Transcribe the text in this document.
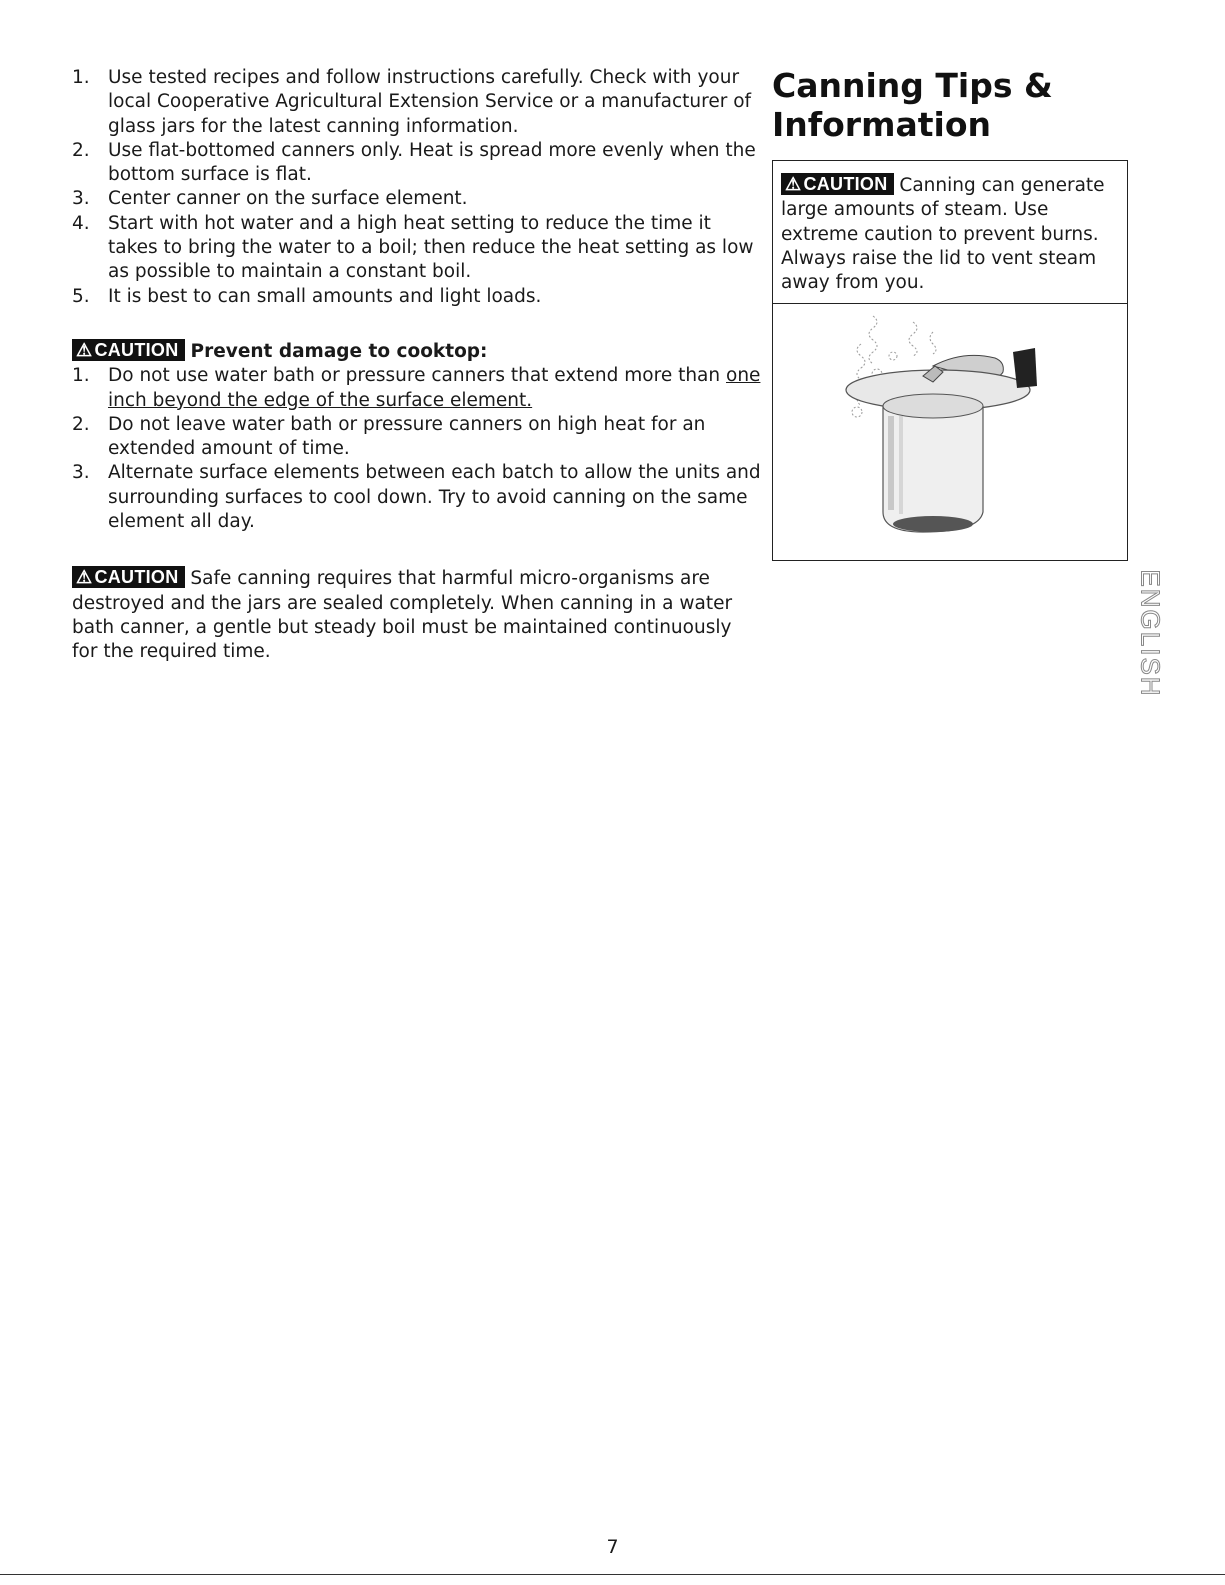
1. Use tested recipes and follow instructions carefully. Check with your local Cooperative Agricultural Extension Service or a manufacturer of glass jars for the latest canning information.
2. Use flat-bottomed canners only. Heat is spread more evenly when the bottom surface is flat.
3. Center canner on the surface element.
4. Start with hot water and a high heat setting to reduce the time it takes to bring the water to a boil; then reduce the heat setting as low as possible to maintain a constant boil.
5. It is best to can small amounts and light loads.
⚠ CAUTION Prevent damage to cooktop:
1. Do not use water bath or pressure canners that extend more than one inch beyond the edge of the surface element.
2. Do not leave water bath or pressure canners on high heat for an extended amount of time.
3. Alternate surface elements between each batch to allow the units and surrounding surfaces to cool down. Try to avoid canning on the same element all day.
⚠ CAUTION Safe canning requires that harmful micro-organisms are destroyed and the jars are sealed completely. When canning in a water bath canner, a gentle but steady boil must be maintained continuously for the required time.
Canning Tips & Information
⚠ CAUTION Canning can generate large amounts of steam. Use extreme caution to prevent burns. Always raise the lid to vent steam away from you.
ENGLISH
7
